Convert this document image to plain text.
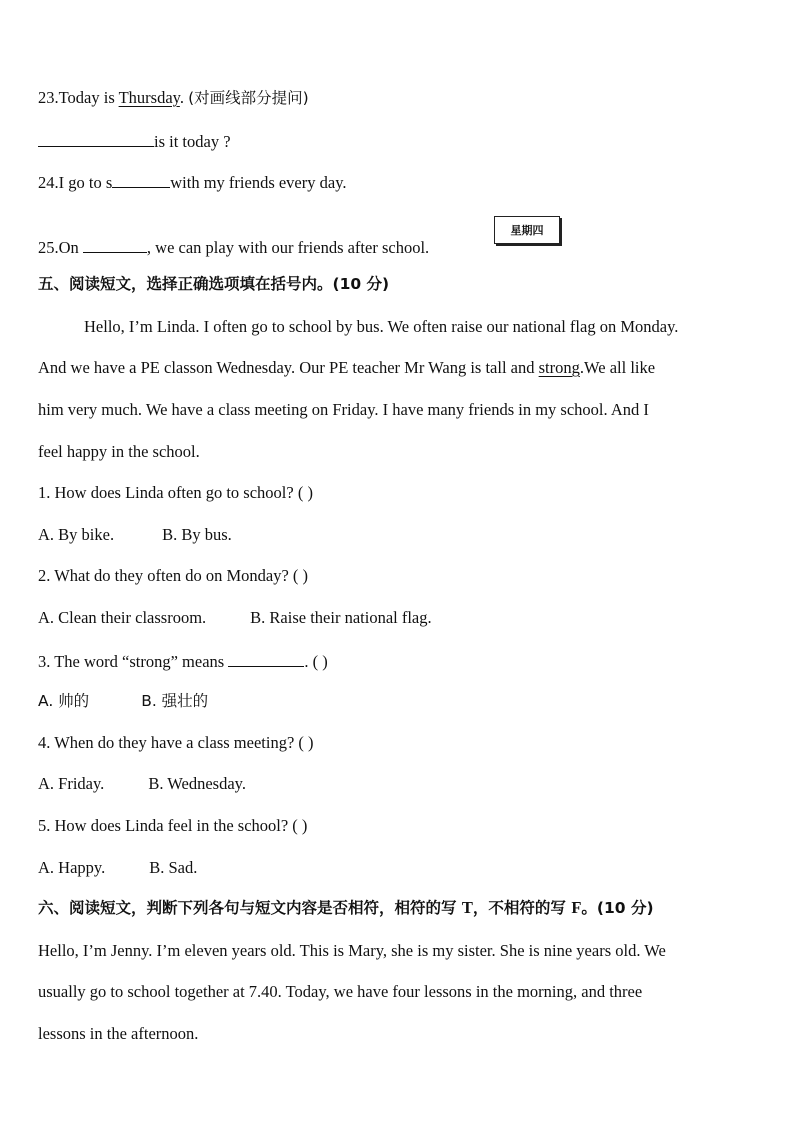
23.Today is Thursday. (对画线部分提问)
is it today ?
24.I go to s	with my friends every day.
25.On	, we can play with our friends after school.
星期四
五、阅读短文，选择正确选项填在括号内。(10 分)
Hello, I’m Linda. I often go to school by bus. We often raise our national flag on Monday.
And we have a PE classon Wednesday. Our PE teacher Mr Wang is tall and strong.We all like
him very much. We have a class meeting on Friday. I have many friends in my school. And I
feel happy in the school.
1. How does Linda often go to school? ( )
A. By bike.	B. By bus.
2. What do they often do on Monday? ( )
A. Clean their classroom.	B. Raise their national flag.
3. The word “strong” means	. ( )
A. 帅的	B. 强壮的
4. When do they have a class meeting? ( )
A. Friday.	B. Wednesday.
5. How does Linda feel in the school? ( )
A. Happy.	B. Sad.
六、阅读短文，判断下列各句与短文内容是否相符，相符的写 T，不相符的写 F。(10 分)
Hello, I’m Jenny. I’m eleven years old. This is Mary, she is my sister. She is nine years old. We
usually go to school together at 7.40. Today, we have four lessons in the morning, and three
lessons in the afternoon.
